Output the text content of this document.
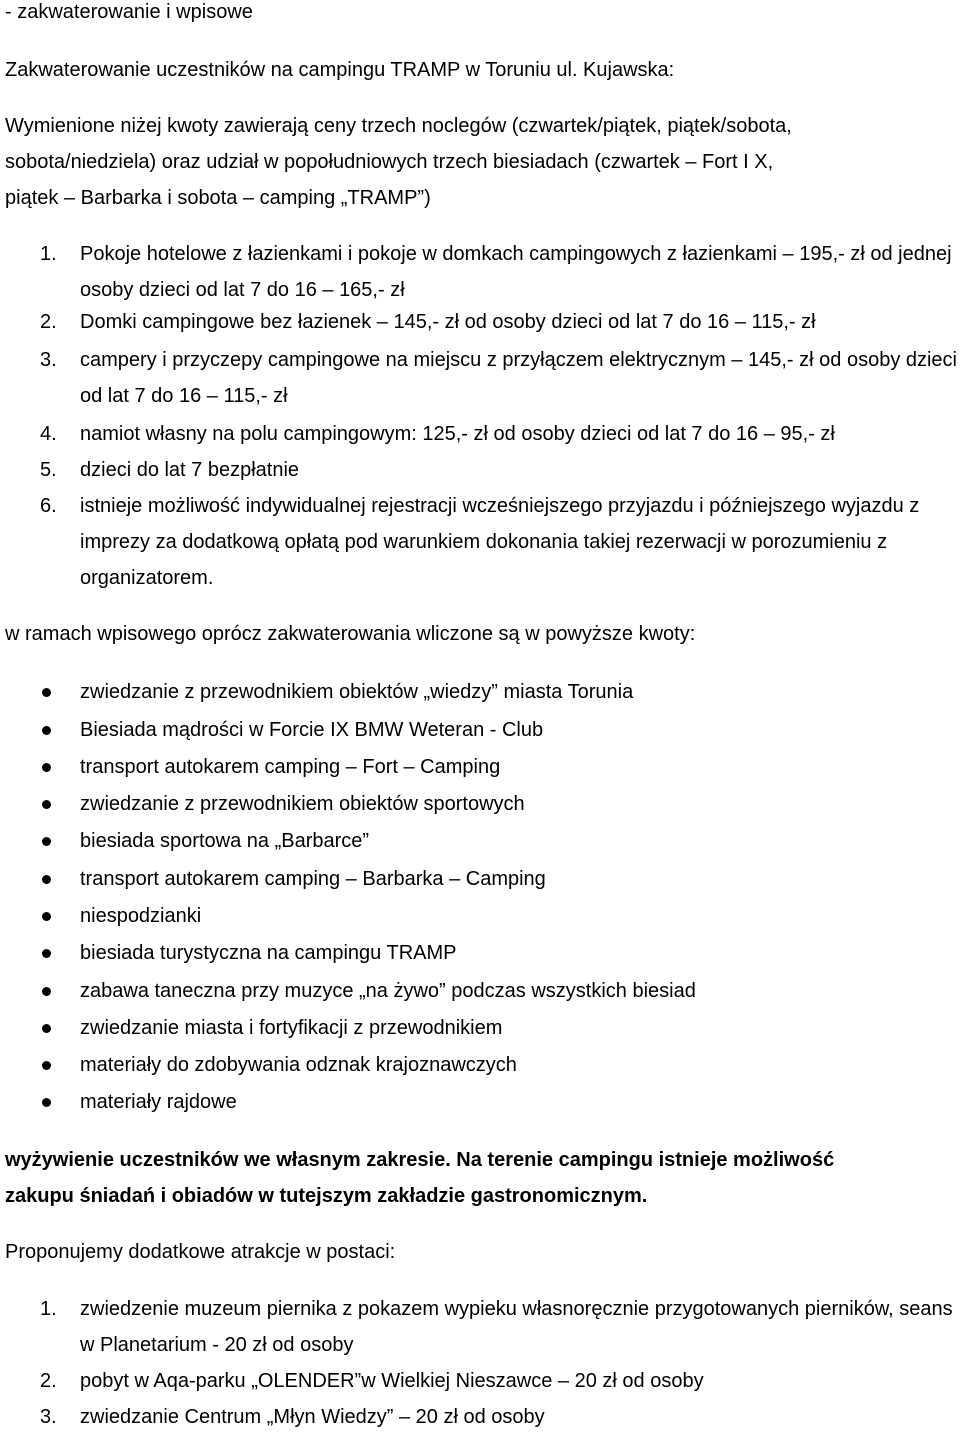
- zakwaterowanie i wpisowe
Zakwaterowanie uczestników na campingu TRAMP w Toruniu ul. Kujawska:
Wymienione niżej kwoty zawierają ceny trzech noclegów (czwartek/piątek, piątek/sobota,
sobota/niedziela) oraz udział w popołudniowych trzech biesiadach (czwartek – Fort I X,
piątek – Barbarka i sobota – camping „TRAMP”)
1. Pokoje hotelowe z łazienkami i pokoje w domkach campingowych z łazienkami – 195,- zł od jednej osoby dzieci od lat 7 do 16 – 165,- zł
2. Domki campingowe bez łazienek – 145,- zł od osoby dzieci od lat 7 do 16 – 115,- zł
3. campery i przyczepy campingowe na miejscu z przyłączem elektrycznym – 145,- zł od osoby dzieci od lat 7 do 16 – 115,- zł
4. namiot własny na polu campingowym: 125,- zł od osoby dzieci od lat 7 do 16 – 95,- zł
5. dzieci do lat 7 bezpłatnie
6. istnieje możliwość indywidualnej rejestracji wcześniejszego przyjazdu i późniejszego wyjazdu z imprezy za dodatkową opłatą pod warunkiem dokonania takiej rezerwacji w porozumieniu z organizatorem.
w ramach wpisowego oprócz zakwaterowania wliczone są w powyższe kwoty:
zwiedzanie z przewodnikiem obiektów „wiedzy” miasta Torunia
Biesiada mądrości w Forcie IX BMW Weteran - Club
transport autokarem camping – Fort – Camping
zwiedzanie z przewodnikiem obiektów sportowych
biesiada sportowa na „Barbarce”
transport autokarem camping – Barbarka – Camping
niespodzianki
biesiada turystyczna na campingu TRAMP
zabawa taneczna przy muzyce „na żywo” podczas wszystkich biesiad
zwiedzanie miasta i fortyfikacji z przewodnikiem
materiały do zdobywania odznak krajoznawczych
materiały rajdowe
wyżywienie uczestników we własnym zakresie. Na terenie campingu istnieje możliwość
zakupu śniadań i obiadów w tutejszym zakładzie gastronomicznym.
Proponujemy dodatkowe atrakcje w postaci:
1. zwiedzenie muzeum piernika z pokazem wypieku własnoręcznie przygotowanych pierników, seans w Planetarium - 20 zł od osoby
2. pobyt w Aqa-parku „OLENDER”w Wielkiej Nieszawce – 20 zł od osoby
3. zwiedzanie Centrum „Młyn Wiedzy” – 20 zł od osoby
